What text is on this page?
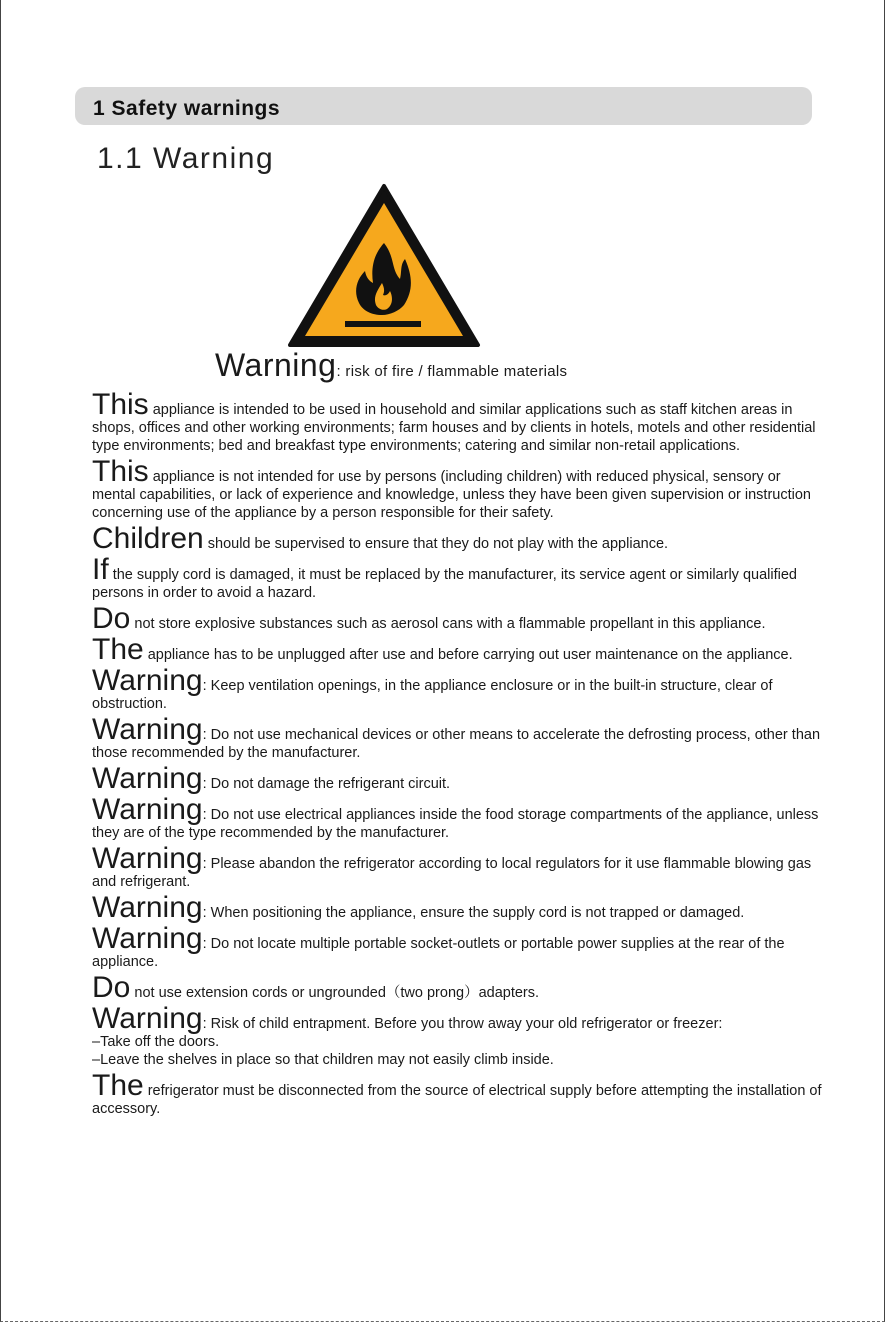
1 Safety warnings
1.1 Warning
Warning: risk of fire / flammable materials

This appliance is intended to be used in household and similar applications such as staff kitchen areas in shops, offices and other working environments; farm houses and by clients in hotels, motels and other residential type environments; bed and breakfast type environments; catering and similar non-retail applications.

This appliance is not intended for use by persons (including children) with reduced physical, sensory or mental capabilities, or lack of experience and knowledge, unless they have been given supervision or instruction concerning use of the appliance by a person responsible for their safety.

Children should be supervised to ensure that they do not play with the appliance.

If the supply cord is damaged, it must be replaced by the manufacturer, its service agent or similarly qualified persons in order to avoid a hazard.

Do not store explosive substances such as aerosol cans with a flammable propellant in this appliance.

The appliance has to be unplugged after use and before carrying out user maintenance on the appliance.

Warning: Keep ventilation openings, in the appliance enclosure or in the built-in structure, clear of obstruction.

Warning: Do not use mechanical devices or other means to accelerate the defrosting process, other than those recommended by the manufacturer.

Warning: Do not damage the refrigerant circuit.

Warning: Do not use electrical appliances inside the food storage compartments of the appliance, unless they are of the type recommended by the manufacturer.

Warning: Please abandon the refrigerator according to local regulators for it use flammable blowing gas and refrigerant.

Warning: When positioning the appliance, ensure the supply cord is not trapped or damaged.

Warning: Do not locate multiple portable socket-outlets or portable power supplies at the rear of the appliance.

Do not use extension cords or ungrounded（two prong）adapters.

Warning: Risk of child entrapment. Before you throw away your old refrigerator or freezer:
–Take off the doors.
–Leave the shelves in place so that children may not easily climb inside.

The refrigerator must be disconnected from the source of electrical supply before attempting the installation of accessory.
